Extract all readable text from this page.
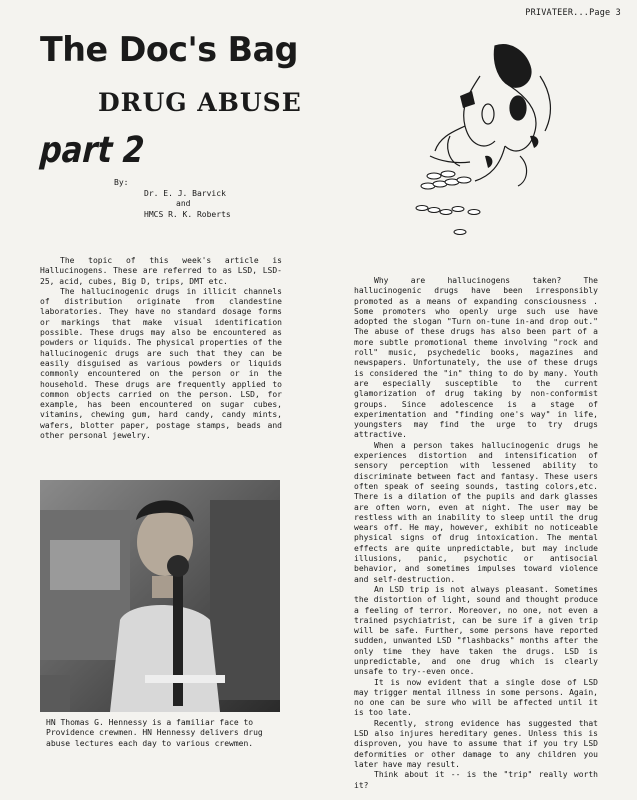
PRIVATEER...Page 3
The Doc's Bag
DRUG ABUSE
part 2
By:
Dr. E. J. Barvick
and
HMCS R. K. Roberts

The topic of this week's article is Hallucinogens. These are referred to as LSD, LSD-25, acid, cubes, Big D, trips, DMT etc.

The hallucinogenic drugs in illicit channels of distribution originate from clandestine laboratories. They have no standard dosage forms or markings that make visual identification possible. These drugs may also be encountered as powders or liquids. The physical properties of the hallucinogenic drugs are such that they can be easily disguised as various powders or liquids commonly encountered on the person or in the household. These drugs are frequently applied to common objects carried on the person. LSD, for example, has been encountered on sugar cubes, vitamins, chewing gum, hard candy, candy mints, wafers, blotter paper, postage stamps, beads and other personal jewelry.

HN Thomas G. Hennessy is a familiar face to Providence crewmen. HN Hennessy delivers drug abuse lectures each day to various crewmen.

Why are hallucinogens taken? The hallucinogenic drugs have been irresponsibly promoted as a means of expanding consciousness . Some promoters who openly urge such use have adopted the slogan "Turn on-tune in-and drop out." The abuse of these drugs has also been part of a more subtle promotional theme involving "rock and roll" music, psychedelic books, magazines and newspapers. Unfortunately, the use of these drugs is considered the "in" thing to do by many. Youth are especially susceptible to the current glamorization of drug taking by non-conformist groups. Since adolescence is a stage of experimentation and "finding one's way" in life, youngsters may find the urge to try drugs attractive.

When a person takes hallucinogenic drugs he experiences distortion and intensification of sensory perception with lessened ability to discriminate between fact and fantasy. These users often speak of seeing sounds, tasting colors,etc. There is a dilation of the pupils and dark glasses are often worn, even at night. The user may be restless with an inability to sleep until the drug wears off. He may, however, exhibit no noticeable physical signs of drug intoxication. The mental effects are quite unpredictable, but may include illusions, panic, psychotic or antisocial behavior, and sometimes impulses toward violence and self-destruction.

An LSD trip is not always pleasant. Sometimes the distortion of light, sound and thought produce a feeling of terror. Moreover, no one, not even a trained psychiatrist, can be sure if a given trip will be safe. Further, some persons have reported sudden, unwanted LSD "flashbacks" months after the only time they have taken the drugs. LSD is unpredictable, and one drug which is clearly unsafe to try--even once.

It is now evident that a single dose of LSD may trigger mental illness in some persons. Again, no one can be sure who will be affected until it is too late.

Recently, strong evidence has suggested that LSD also injures hereditary genes. Unless this is disproven, you have to assume that if you try LSD deformities or other damage to any children you later have may result.

Think about it -- is the "trip" really worth it?
